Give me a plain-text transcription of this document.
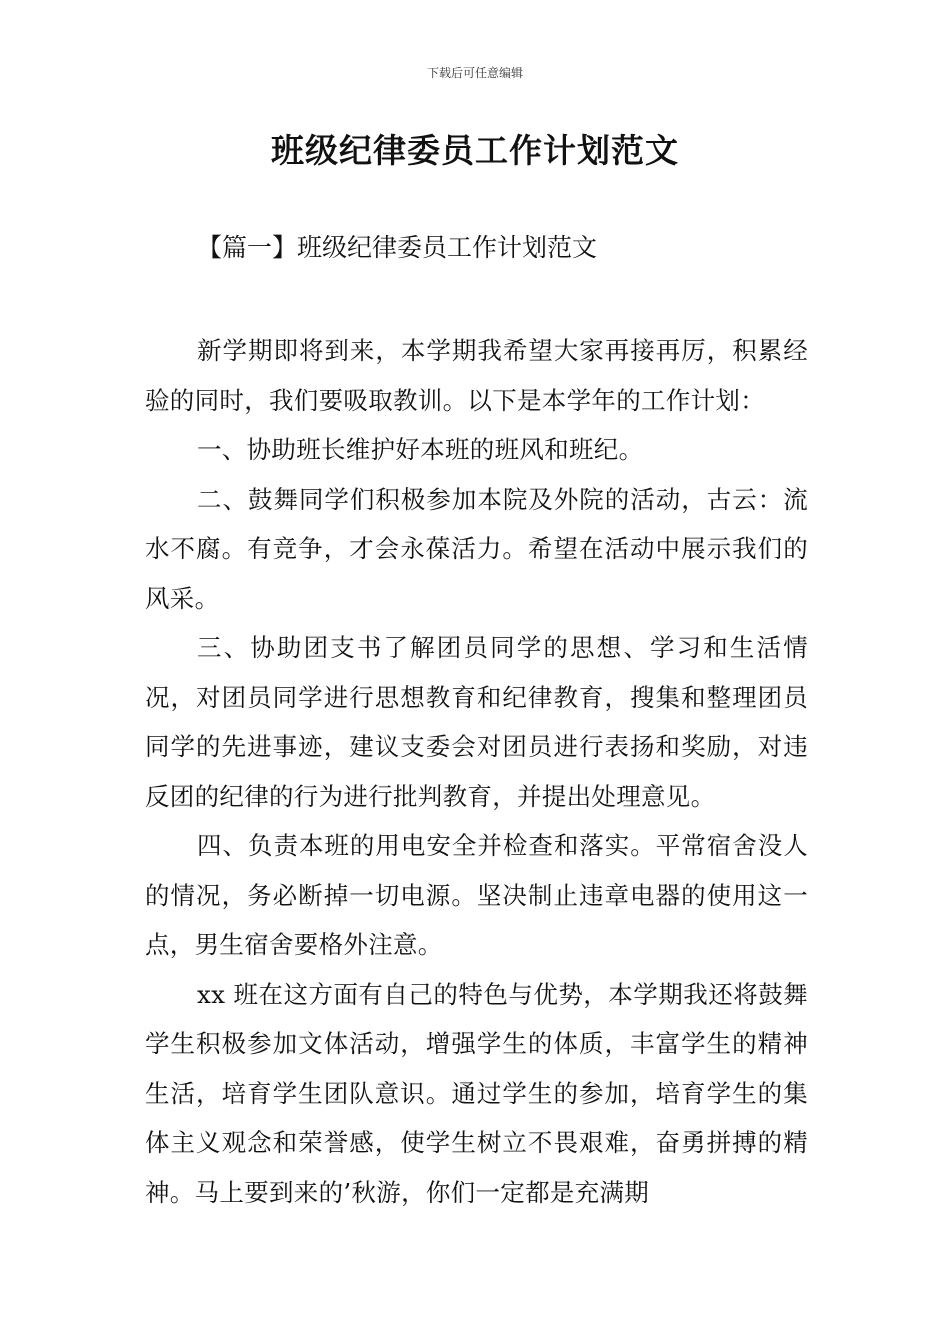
下载后可任意编辑
班级纪律委员工作计划范文
【篇一】班级纪律委员工作计划范文

新学期即将到来，本学期我希望大家再接再厉，积累经验的同时，我们要吸取教训。以下是本学年的工作计划：

一、协助班长维护好本班的班风和班纪。

二、鼓舞同学们积极参加本院及外院的活动，古云：流水不腐。有竞争，才会永葆活力。希望在活动中展示我们的风采。

三、协助团支书了解团员同学的思想、学习和生活情况，对团员同学进行思想教育和纪律教育，搜集和整理团员同学的先进事迹，建议支委会对团员进行表扬和奖励，对违反团的纪律的行为进行批判教育，并提出处理意见。

四、负责本班的用电安全并检查和落实。平常宿舍没人的情况，务必断掉一切电源。坚决制止违章电器的使用这一点，男生宿舍要格外注意。

xx 班在这方面有自己的特色与优势，本学期我还将鼓舞学生积极参加文体活动，增强学生的体质，丰富学生的精神生活，培育学生团队意识。通过学生的参加，培育学生的集体主义观念和荣誉感，使学生树立不畏艰难，奋勇拼搏的精神。马上要到来的’秋游，你们一定都是充满期
